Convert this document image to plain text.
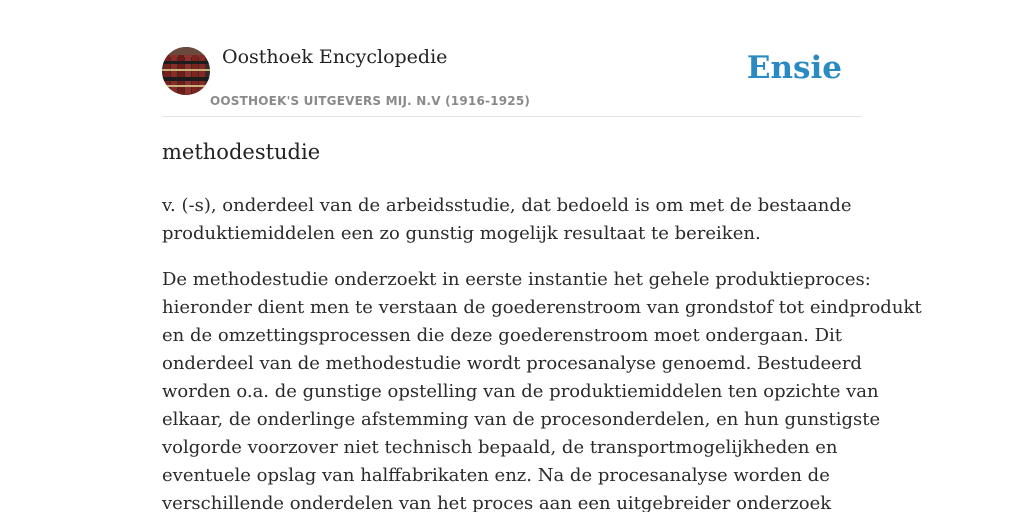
Oosthoek Encyclopedie
OOSTHOEK'S UITGEVERS MIJ. N.V (1916-1925)
Ensie
methodestudie

v. (-s), onderdeel van de arbeidsstudie, dat bedoeld is om met de bestaande
produktiemiddelen een zo gunstig mogelijk resultaat te bereiken.

De methodestudie onderzoekt in eerste instantie het gehele produktieproces:
hieronder dient men te verstaan de goederenstroom van grondstof tot eindprodukt
en de omzettingsprocessen die deze goederenstroom moet ondergaan. Dit
onderdeel van de methodestudie wordt procesanalyse genoemd. Bestudeerd
worden o.a. de gunstige opstelling van de produktiemiddelen ten opzichte van
elkaar, de onderlinge afstemming van de procesonderdelen, en hun gunstigste
volgorde voorzover niet technisch bepaald, de transportmogelijkheden en
eventuele opslag van halffabrikaten enz. Na de procesanalyse worden de
verschillende onderdelen van het proces aan een uitgebreider onderzoek
